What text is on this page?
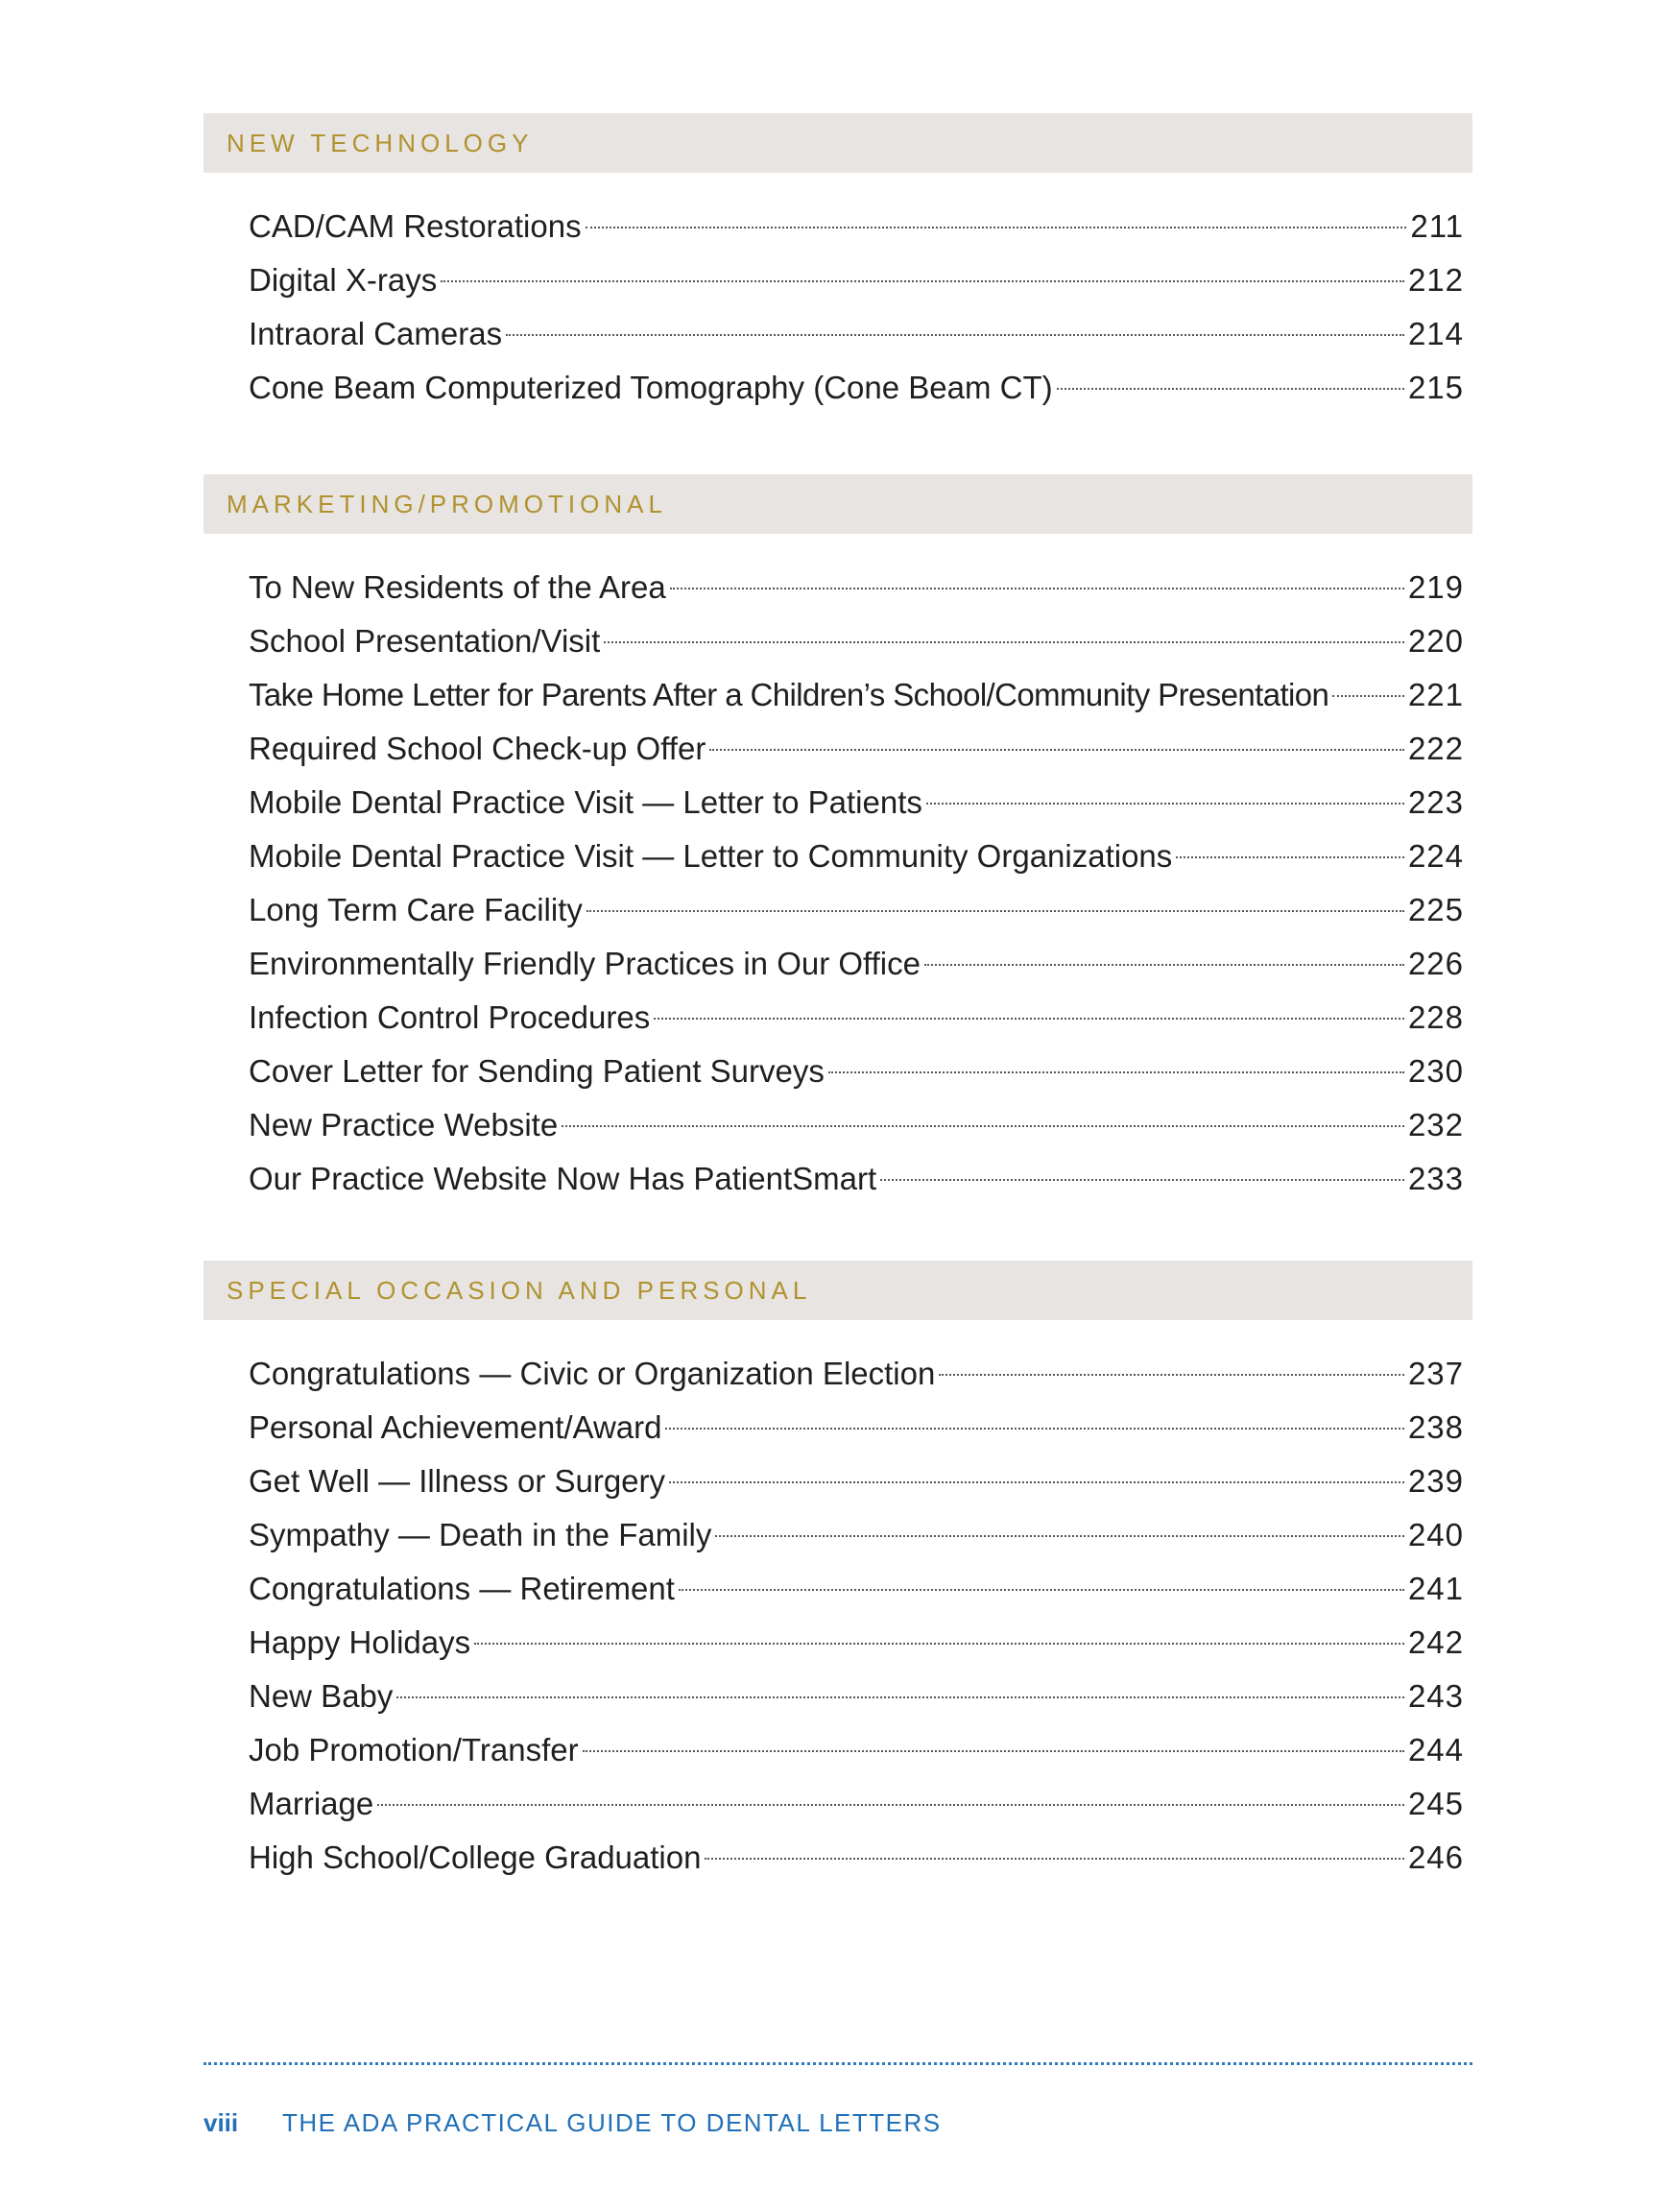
NEW TECHNOLOGY
CAD/CAM Restorations	211
Digital X-rays	212
Intraoral Cameras	214
Cone Beam Computerized Tomography (Cone Beam CT)	215
MARKETING/PROMOTIONAL
To New Residents of the Area	219
School Presentation/Visit	220
Take Home Letter for Parents After a Children’s School/Community Presentation	221
Required School Check-up Offer	222
Mobile Dental Practice Visit — Letter to Patients	223
Mobile Dental Practice Visit — Letter to Community Organizations	224
Long Term Care Facility	225
Environmentally Friendly Practices in Our Office	226
Infection Control Procedures	228
Cover Letter for Sending Patient Surveys	230
New Practice Website	232
Our Practice Website Now Has PatientSmart	233
SPECIAL OCCASION AND PERSONAL
Congratulations — Civic or Organization Election	237
Personal Achievement/Award	238
Get Well — Illness or Surgery	239
Sympathy — Death in the Family	240
Congratulations — Retirement	241
Happy Holidays	242
New Baby	243
Job Promotion/Transfer	244
Marriage	245
High School/College Graduation	246
viii	THE ADA PRACTICAL GUIDE TO DENTAL LETTERS
